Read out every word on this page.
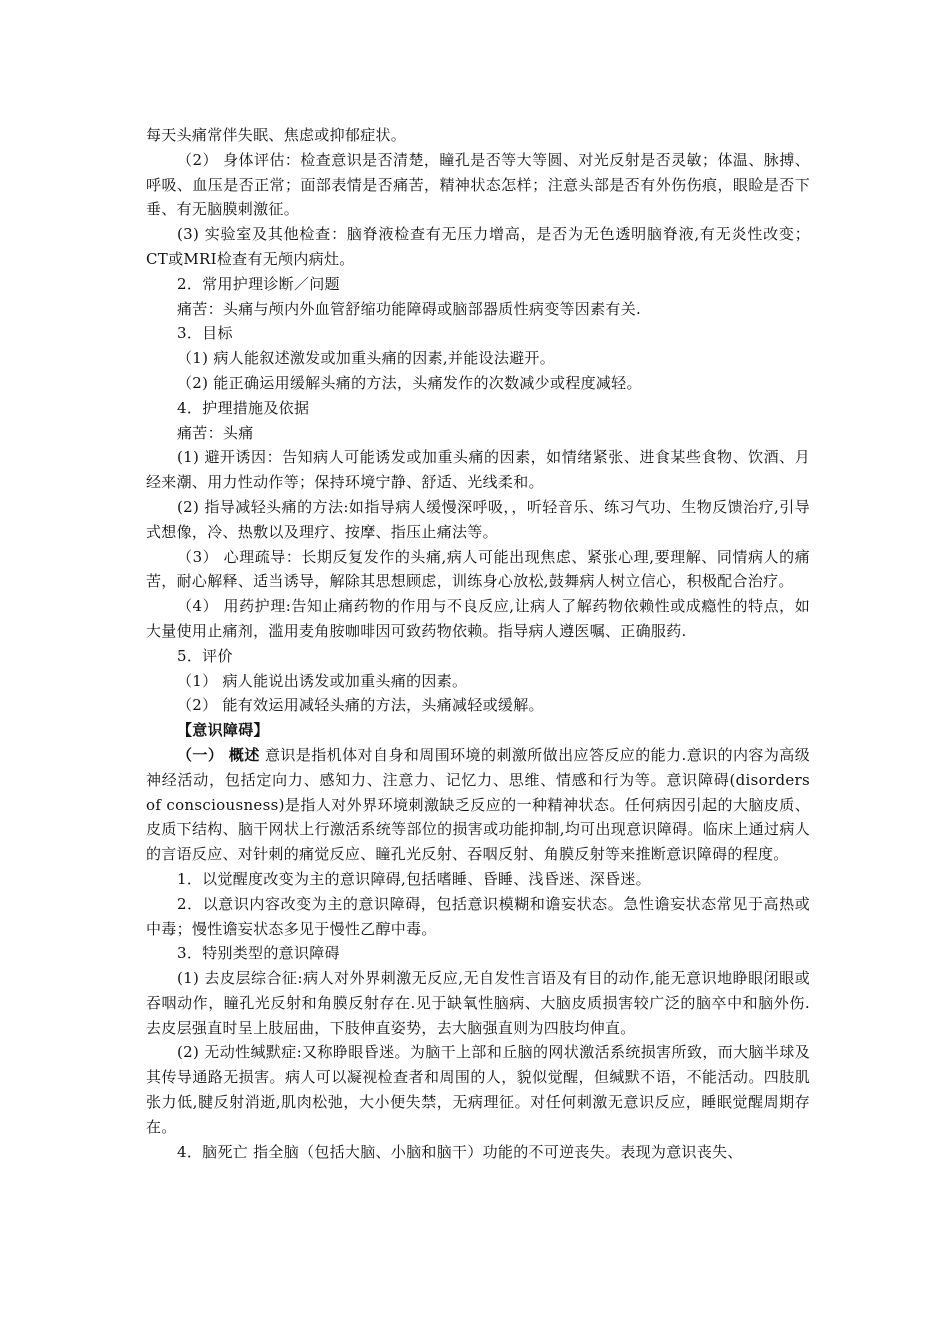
每天头痛常伴失眠、焦虑或抑郁症状。

（2） 身体评估：检查意识是否清楚，瞳孔是否等大等圆、对光反射是否灵敏；体温、脉搏、呼吸、血压是否正常；面部表情是否痛苦，精神状态怎样；注意头部是否有外伤伤痕，眼睑是否下垂、有无脑膜刺激征。

(3) 实验室及其他检查：脑脊液检查有无压力增高，是否为无色透明脑脊液,有无炎性改变；CT或MRI检查有无颅内病灶。

2．常用护理诊断／问题

痛苦：头痛与颅内外血管舒缩功能障碍或脑部器质性病变等因素有关.

3．目标

（1) 病人能叙述激发或加重头痛的因素,并能设法避开。

（2) 能正确运用缓解头痛的方法，头痛发作的次数减少或程度减轻。

4．护理措施及依据

痛苦：头痛

(1) 避开诱因：告知病人可能诱发或加重头痛的因素，如情绪紧张、进食某些食物、饮酒、月经来潮、用力性动作等；保持环境宁静、舒适、光线柔和。

(2) 指导减轻头痛的方法:如指导病人缓慢深呼吸，，听轻音乐、练习气功、生物反馈治疗,引导式想像，冷、热敷以及理疗、按摩、指压止痛法等。

（3） 心理疏导：长期反复发作的头痛,病人可能出现焦虑、紧张心理,要理解、同情病人的痛苦，耐心解释、适当诱导，解除其思想顾虑，训练身心放松,鼓舞病人树立信心，积极配合治疗。

（4） 用药护理:告知止痛药物的作用与不良反应,让病人了解药物依赖性或成瘾性的特点，如大量使用止痛剂，滥用麦角胺咖啡因可致药物依赖。指导病人遵医嘱、正确服药.

5．评价

（1） 病人能说出诱发或加重头痛的因素。

（2） 能有效运用减轻头痛的方法，头痛减轻或缓解。

【意识障碍】

（一） 概述 意识是指机体对自身和周围环境的刺激所做出应答反应的能力.意识的内容为高级神经活动，包括定向力、感知力、注意力、记忆力、思维、情感和行为等。意识障碍(disorders of consciousness)是指人对外界环境刺激缺乏反应的一种精神状态。任何病因引起的大脑皮质、皮质下结构、脑干网状上行激活系统等部位的损害或功能抑制,均可出现意识障碍。临床上通过病人的言语反应、对针刺的痛觉反应、瞳孔光反射、吞咽反射、角膜反射等来推断意识障碍的程度。

1．以觉醒度改变为主的意识障碍,包括嗜睡、昏睡、浅昏迷、深昏迷。

2．以意识内容改变为主的意识障碍，包括意识模糊和谵妄状态。急性谵妄状态常见于高热或中毒；慢性谵妄状态多见于慢性乙醇中毒。

3．特别类型的意识障碍

(1) 去皮层综合征:病人对外界刺激无反应,无自发性言语及有目的动作,能无意识地睁眼闭眼或吞咽动作，瞳孔光反射和角膜反射存在.见于缺氧性脑病、大脑皮质损害较广泛的脑卒中和脑外伤.去皮层强直时呈上肢屈曲，下肢伸直姿势，去大脑强直则为四肢均伸直。

(2) 无动性缄默症:又称睁眼昏迷。为脑干上部和丘脑的网状激活系统损害所致，而大脑半球及其传导通路无损害。病人可以凝视检查者和周围的人，貌似觉醒，但缄默不语，不能活动。四肢肌张力低,腱反射消逝,肌肉松弛，大小便失禁，无病理征。对任何刺激无意识反应，睡眠觉醒周期存在。

4．脑死亡 指全脑（包括大脑、小脑和脑干）功能的不可逆丧失。表现为意识丧失、
